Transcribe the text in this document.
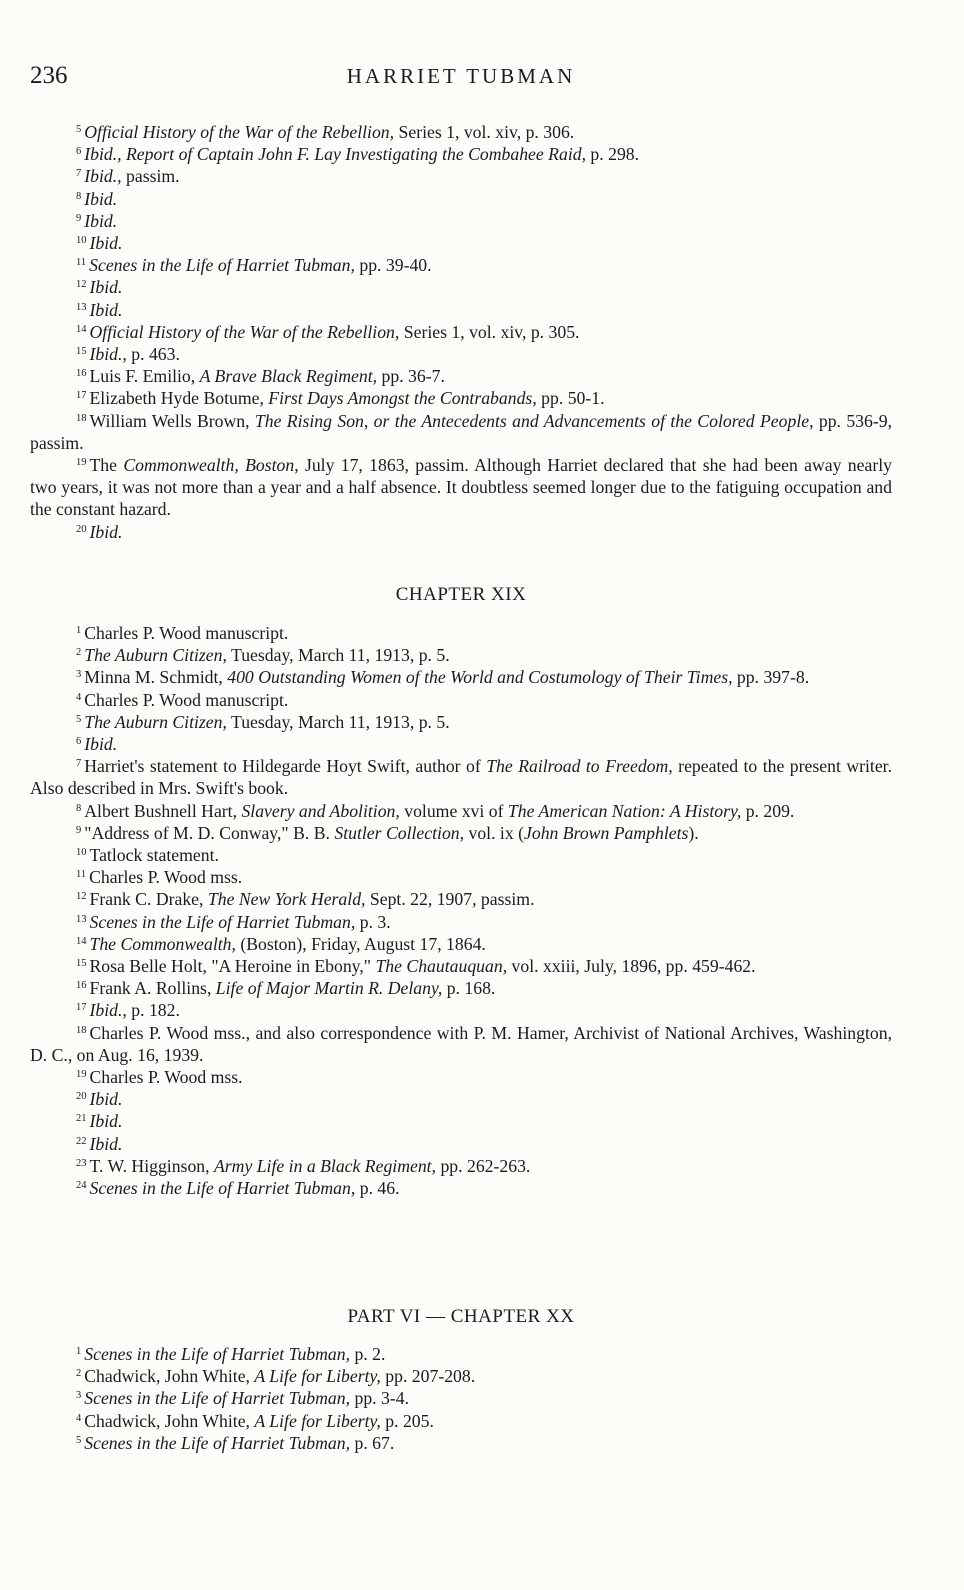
236	HARRIET TUBMAN

$^5$ Official History of the War of the Rebellion, Series 1, vol. xiv, p. 306.

$^6$ Ibid., Report of Captain John F. Lay Investigating the Combahee Raid, p. 298.

$^7$ Ibid., passim.

$^8$ Ibid.

$^9$ Ibid.

$^{10}$ Ibid.

$^{11}$ Scenes in the Life of Harriet Tubman, pp. 39-40.

$^{12}$ Ibid.

$^{13}$ Ibid.

$^{14}$ Official History of the War of the Rebellion, Series 1, vol. xiv, p. 305.

$^{15}$ Ibid., p. 463.

$^{16}$ Luis F. Emilio, A Brave Black Regiment, pp. 36-7.

$^{17}$ Elizabeth Hyde Botume, First Days Amongst the Contrabands, pp. 50-1.

$^{18}$ William Wells Brown, The Rising Son, or the Antecedents and Advancements of the Colored People, pp. 536-9, passim.

$^{19}$ The Commonwealth, Boston, July 17, 1863, passim. Although Harriet declared that she had been away nearly two years, it was not more than a year and a half absence. It doubtless seemed longer due to the fatiguing occupation and the constant hazard.

$^{20}$ Ibid.

CHAPTER XIX

$^1$ Charles P. Wood manuscript.

$^2$ The Auburn Citizen, Tuesday, March 11, 1913, p. 5.

$^3$ Minna M. Schmidt, 400 Outstanding Women of the World and Costumology of Their Times, pp. 397-8.

$^4$ Charles P. Wood manuscript.

$^5$ The Auburn Citizen, Tuesday, March 11, 1913, p. 5.

$^6$ Ibid.

$^7$ Harriet's statement to Hildegarde Hoyt Swift, author of The Railroad to Freedom, repeated to the present writer. Also described in Mrs. Swift's book.

$^8$ Albert Bushnell Hart, Slavery and Abolition, volume xvi of The American Nation: A History, p. 209.

$^9$ "Address of M. D. Conway," B. B. Stutler Collection, vol. ix (John Brown Pamphlets).

$^{10}$ Tatlock statement.

$^{11}$ Charles P. Wood mss.

$^{12}$ Frank C. Drake, The New York Herald, Sept. 22, 1907, passim.

$^{13}$ Scenes in the Life of Harriet Tubman, p. 3.

$^{14}$ The Commonwealth, (Boston), Friday, August 17, 1864.

$^{15}$ Rosa Belle Holt, "A Heroine in Ebony," The Chautauquan, vol. xxiii, July, 1896, pp. 459-462.

$^{16}$ Frank A. Rollins, Life of Major Martin R. Delany, p. 168.

$^{17}$ Ibid., p. 182.

$^{18}$ Charles P. Wood mss., and also correspondence with P. M. Hamer, Archivist of National Archives, Washington, D. C., on Aug. 16, 1939.

$^{19}$ Charles P. Wood mss.

$^{20}$ Ibid.

$^{21}$ Ibid.

$^{22}$ Ibid.

$^{23}$ T. W. Higginson, Army Life in a Black Regiment, pp. 262-263.

$^{24}$ Scenes in the Life of Harriet Tubman, p. 46.

PART VI — CHAPTER XX

$^1$ Scenes in the Life of Harriet Tubman, p. 2.

$^2$ Chadwick, John White, A Life for Liberty, pp. 207-208.

$^3$ Scenes in the Life of Harriet Tubman, pp. 3-4.

$^4$ Chadwick, John White, A Life for Liberty, p. 205.

$^5$ Scenes in the Life of Harriet Tubman, p. 67.
